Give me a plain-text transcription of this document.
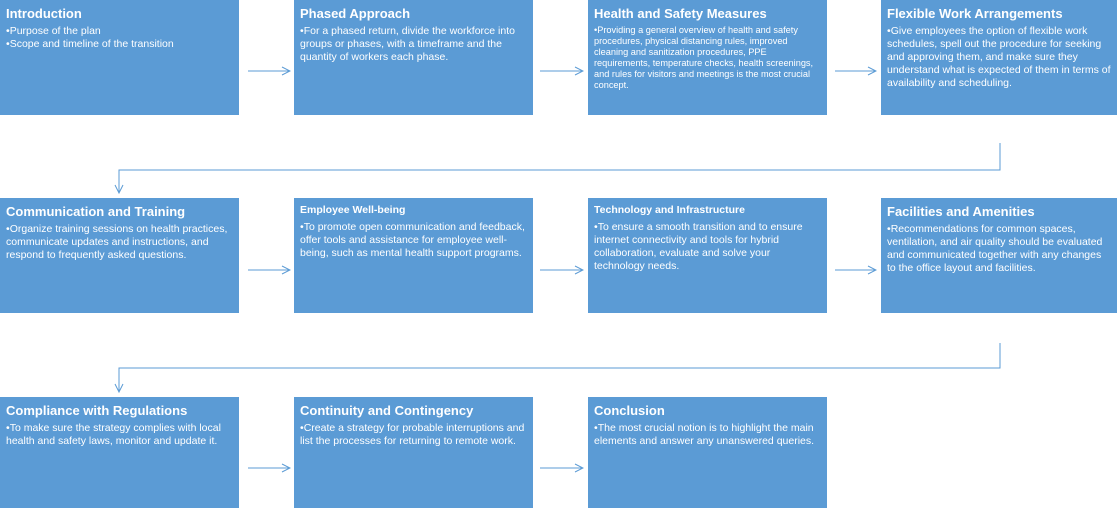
Introduction
• Purpose of the plan
• Scope and timeline of the transition
Phased Approach
• For a phased return, divide the workforce into groups or phases, with a timeframe and the quantity of workers each phase.
Health and Safety Measures
• Providing a general overview of health and safety procedures, physical distancing rules, improved cleaning and sanitization procedures, PPE requirements, temperature checks, health screenings, and rules for visitors and meetings is the most crucial concept.
Flexible Work Arrangements
• Give employees the option of flexible work schedules, spell out the procedure for seeking and approving them, and make sure they understand what is expected of them in terms of availability and scheduling.
Communication and Training
• Organize training sessions on health practices, communicate updates and instructions, and respond to frequently asked questions.
Employee Well-being
• To promote open communication and feedback, offer tools and assistance for employee well-being, such as mental health support programs.
Technology and Infrastructure
• To ensure a smooth transition and to ensure internet connectivity and tools for hybrid collaboration, evaluate and solve your technology needs.
Facilities and Amenities
• Recommendations for common spaces, ventilation, and air quality should be evaluated and communicated together with any changes to the office layout and facilities.
Compliance with Regulations
• To make sure the strategy complies with local health and safety laws, monitor and update it.
Continuity and Contingency
• Create a strategy for probable interruptions and list the processes for returning to remote work.
Conclusion
• The most crucial notion is to highlight the main elements and answer any unanswered queries.
